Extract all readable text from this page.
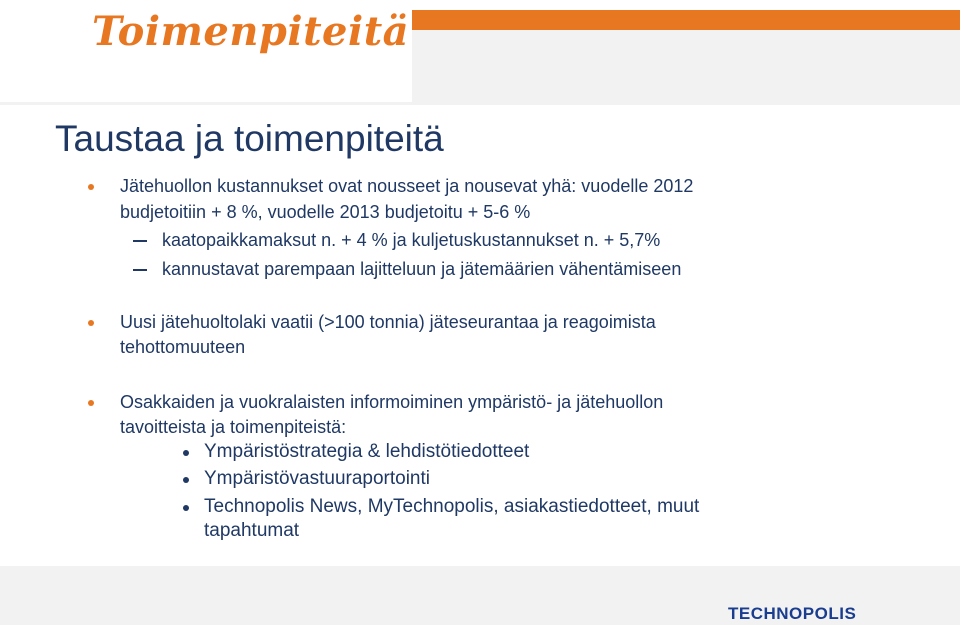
Toimenpiteitä
Taustaa ja toimenpiteitä
Jätehuollon kustannukset ovat nousseet ja nousevat yhä: vuodelle 2012
budjetoitiin + 8 %, vuodelle 2013 budjetoitu + 5-6 %
kaatopaikkamaksut n. + 4 % ja kuljetuskustannukset n. + 5,7%
kannustavat parempaan lajitteluun ja jätemäärien vähentämiseen
Uusi jätehuoltolaki vaatii (>100 tonnia) jäteseurantaa ja reagoimista
tehottomuuteen
Osakkaiden ja vuokralaisten informoiminen ympäristö- ja jätehuollon
tavoitteista ja toimenpiteistä:
Ympäristöstrategia & lehdistötiedotteet
Ympäristövastuuraportointi
Technopolis News, MyTechnopolis, asiakastiedotteet, muut
tapahtumat
TECHNOPOLIS
